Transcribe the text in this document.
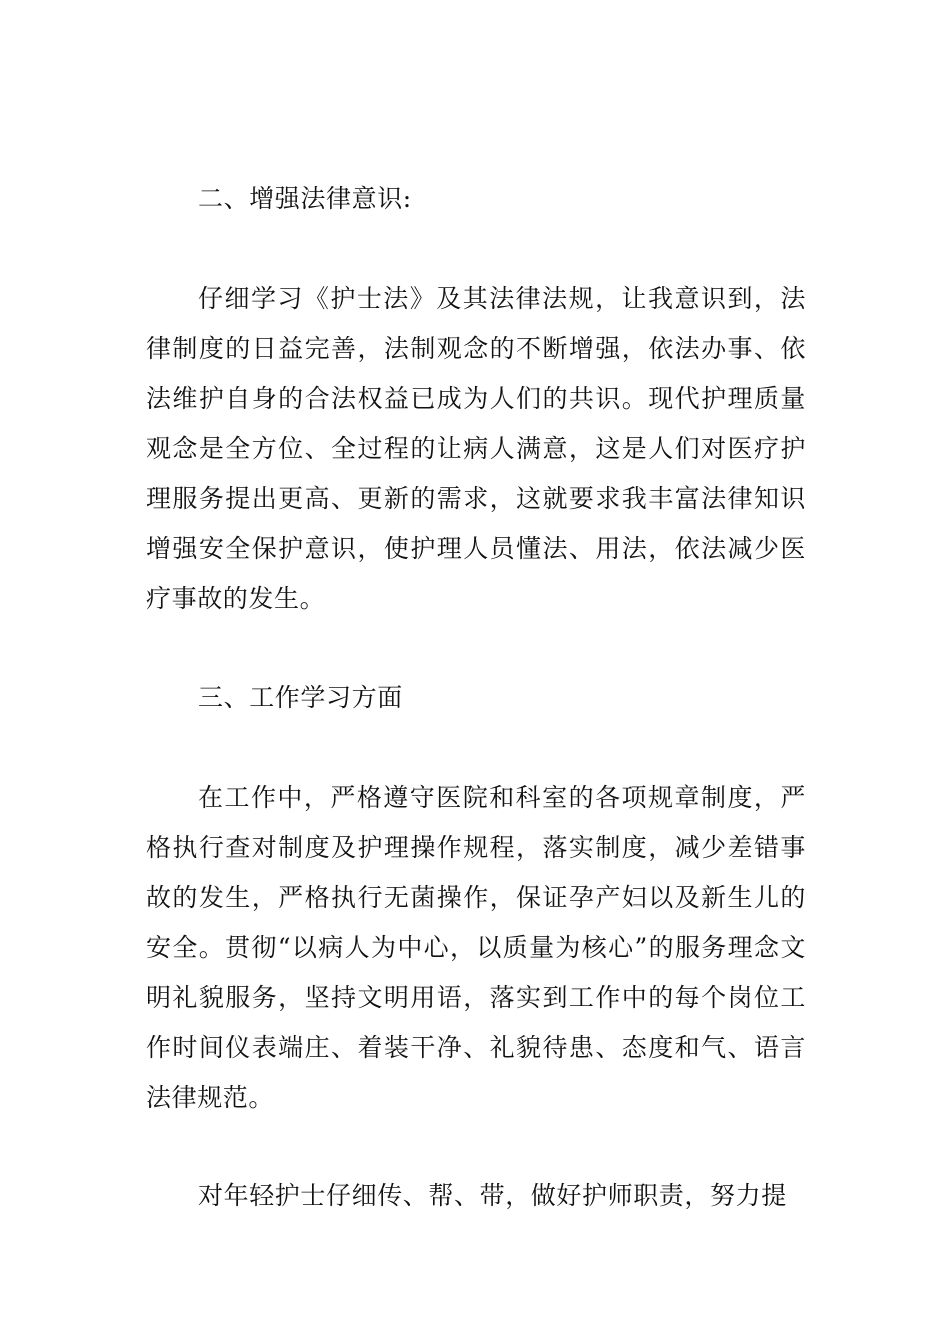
二、增强法律意识:

仔细学习《护士法》及其法律法规，让我意识到，法律制度的日益完善，法制观念的不断增强，依法办事、依法维护自身的合法权益已成为人们的共识。现代护理质量观念是全方位、全过程的让病人满意，这是人们对医疗护理服务提出更高、更新的需求，这就要求我丰富法律知识增强安全保护意识，使护理人员懂法、用法，依法减少医疗事故的发生。

三、工作学习方面

在工作中，严格遵守医院和科室的各项规章制度，严格执行查对制度及护理操作规程，落实制度，减少差错事故的发生，严格执行无菌操作，保证孕产妇以及新生儿的安全。贯彻“以病人为中心，以质量为核心”的服务理念文明礼貌服务，坚持文明用语，落实到工作中的每个岗位工作时间仪表端庄、着装干净、礼貌待患、态度和气、语言法律规范。

对年轻护士仔细传、帮、带，做好护师职责，努力提
